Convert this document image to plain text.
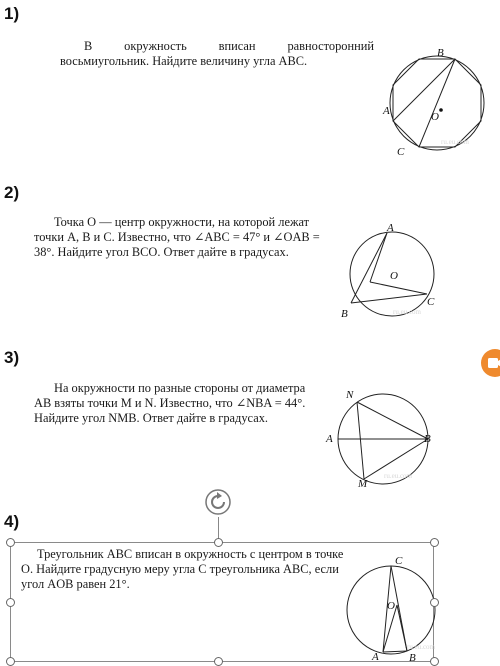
1)
В окружность вписан равносторонний
восьмиугольник. Найдите величину угла ABC.
B
A	O
C
ru.eu.com
2)
Точка O — центр окружности, на которой лежат точки A, B и C. Известно, что ∠ABC = 47° и ∠OAB = 38°. Найдите угол BCO. Ответ дайте в градусах.
A
O
C
B	ru.eu.com
3)
На окружности по разные стороны от диаметра AB взяты точки M и N. Известно, что ∠NBA = 44°. Найдите угол NMB. Ответ дайте в градусах.
N
A	B
M
ru.eu.com
4)
Треугольник ABC вписан в окружность с центром в точке O. Найдите градусную меру угла C треугольника ABC, если угол AOB равен 21°.
C
O
A	B
ru.eu.com
